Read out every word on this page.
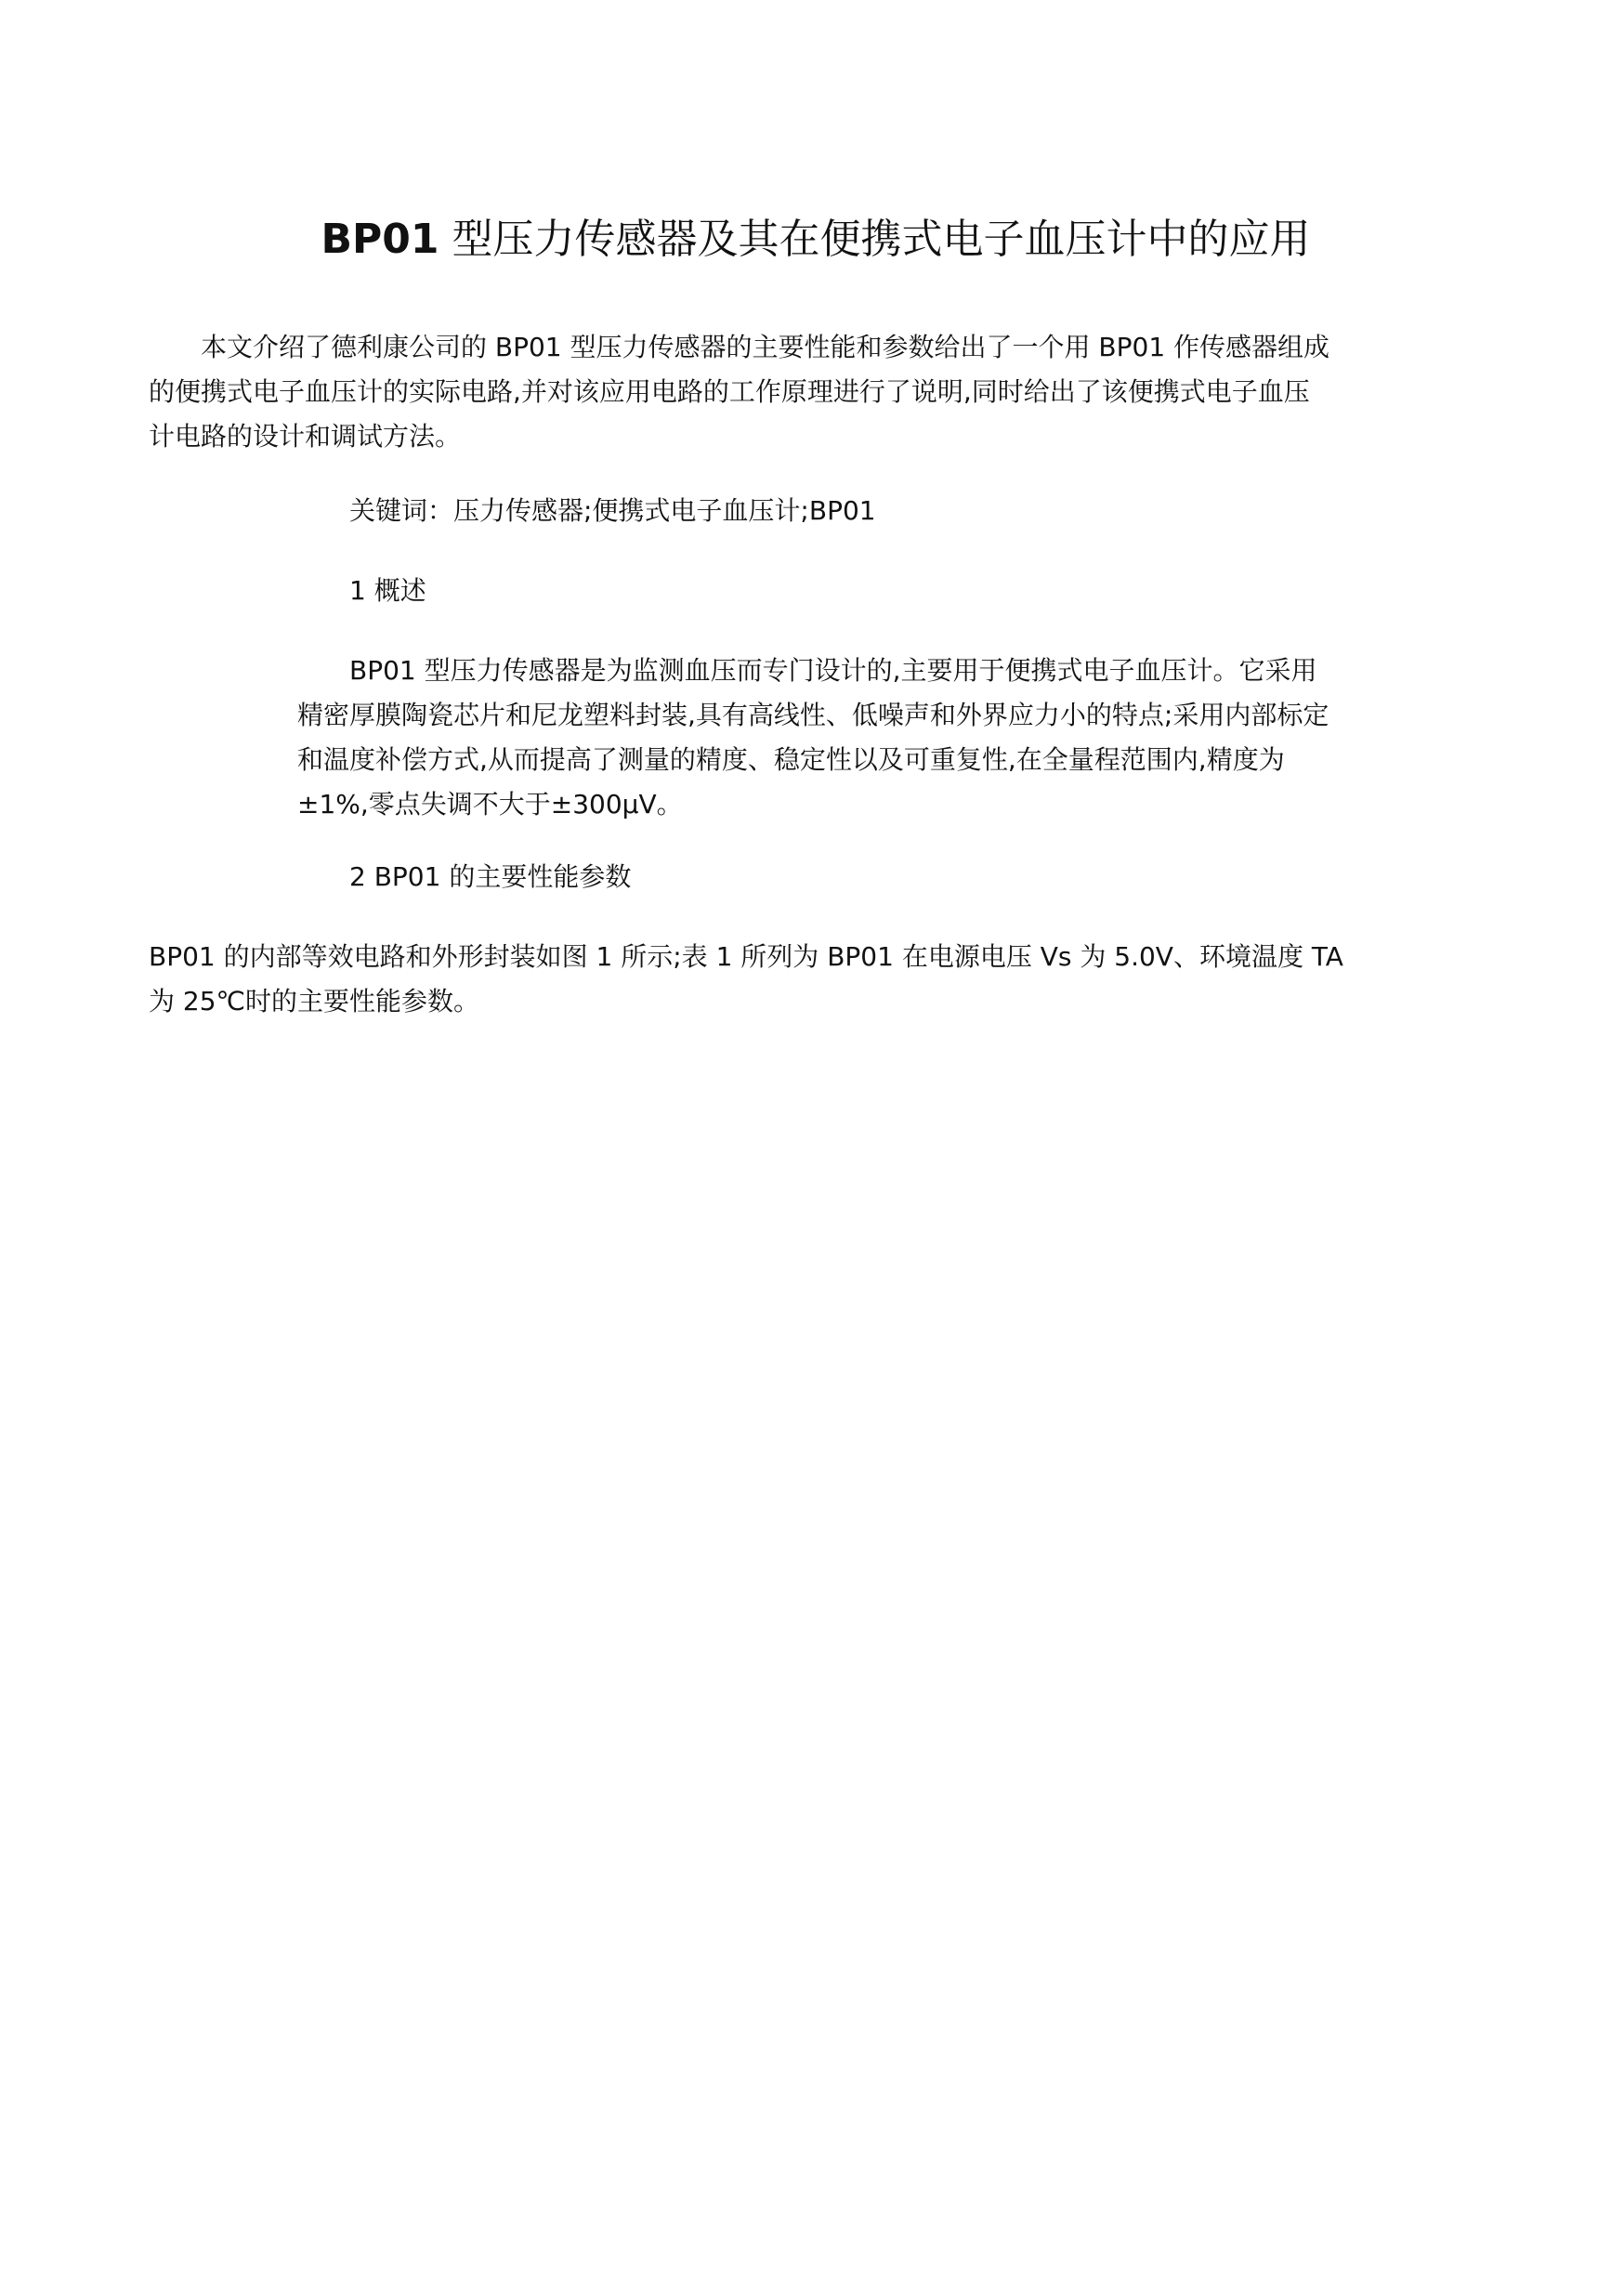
BP01 型压力传感器及其在便携式电子血压计中的应用

本文介绍了德利康公司的 BP01 型压力传感器的主要性能和参数给出了一个用 BP01 作传感器组成
的便携式电子血压计的实际电路,并对该应用电路的工作原理进行了说明,同时给出了该便携式电子血压
计电路的设计和调试方法。

关键词：压力传感器;便携式电子血压计;BP01

1 概述

BP01 型压力传感器是为监测血压而专门设计的,主要用于便携式电子血压计。它采用
精密厚膜陶瓷芯片和尼龙塑料封装,具有高线性、低噪声和外界应力小的特点;采用内部标定
和温度补偿方式,从而提高了测量的精度、稳定性以及可重复性,在全量程范围内,精度为
±1%,零点失调不大于±300μV。

2 BP01 的主要性能参数

BP01 的内部等效电路和外形封装如图 1 所示;表 1 所列为 BP01 在电源电压 Vs 为 5.0V、环境温度 TA
为 25℃时的主要性能参数。
